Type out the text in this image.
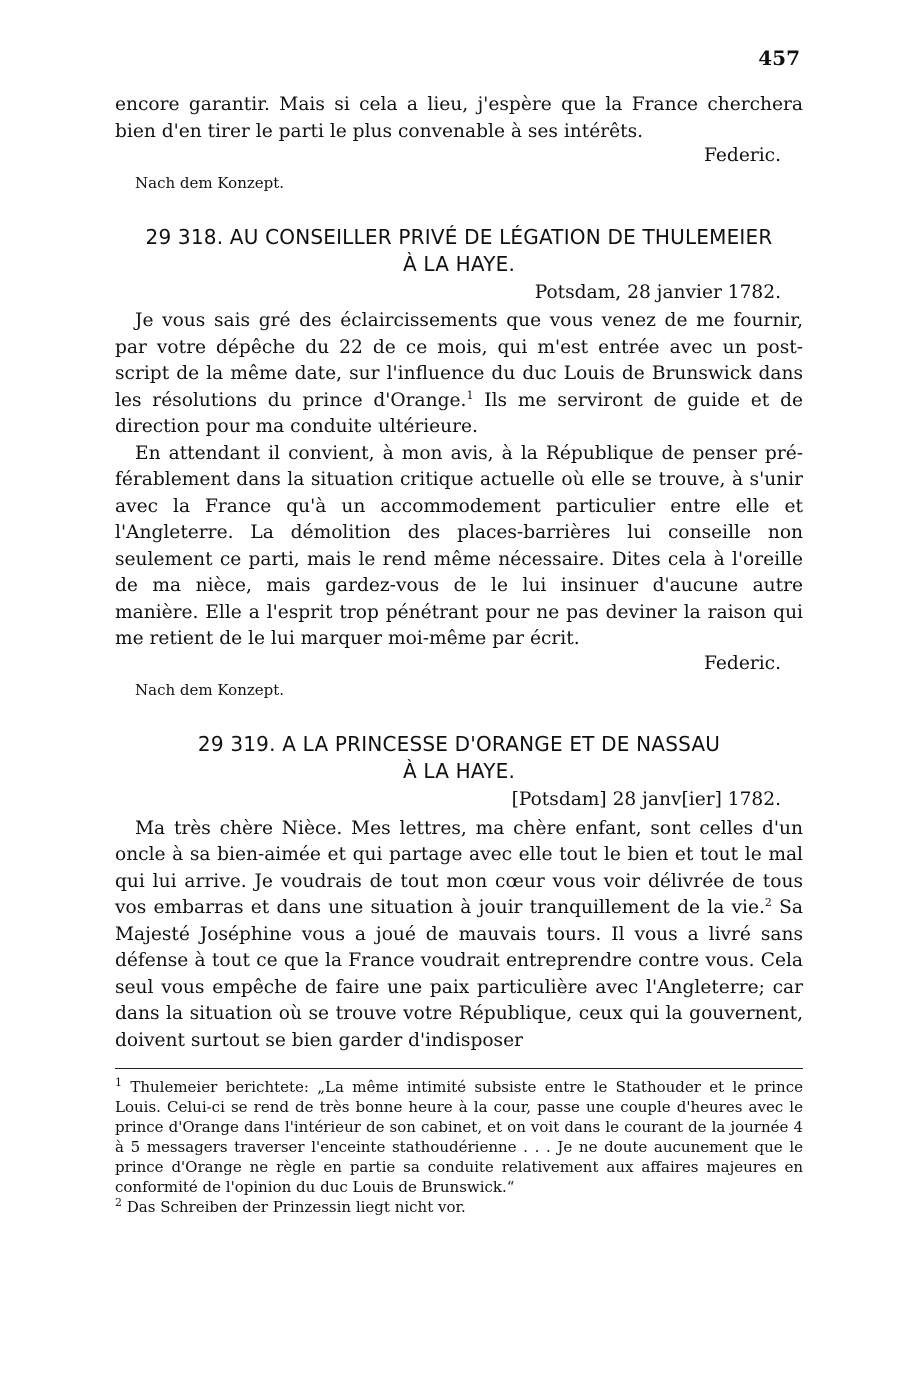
457

encore garantir. Mais si cela a lieu, j'espère que la France cherchera bien d'en tirer le parti le plus convenable à ses intérêts.

Federic.

Nach dem Konzept.

29 318. AU CONSEILLER PRIVÉ DE LÉGATION DE THULEMEIER
À LA HAYE.

Potsdam, 28 janvier 1782.

Je vous sais gré des éclaircissements que vous venez de me fournir, par votre dépêche du 22 de ce mois, qui m'est entrée avec un post-script de la même date, sur l'influence du duc Louis de Brunswick dans les résolutions du prince d'Orange.$^1$ Ils me serviront de guide et de direction pour ma conduite ultérieure.

En attendant il convient, à mon avis, à la République de penser pré-férablement dans la situation critique actuelle où elle se trouve, à s'unir avec la France qu'à un accommodement particulier entre elle et l'Angleterre. La démolition des places-barrières lui conseille non seulement ce parti, mais le rend même nécessaire. Dites cela à l'oreille de ma nièce, mais gardez-vous de le lui insinuer d'aucune autre manière. Elle a l'esprit trop pénétrant pour ne pas deviner la raison qui me retient de le lui marquer moi-même par écrit.

Federic.

Nach dem Konzept.

29 319. A LA PRINCESSE D'ORANGE ET DE NASSAU
À LA HAYE.

[Potsdam] 28 janv[ier] 1782.

Ma très chère Nièce. Mes lettres, ma chère enfant, sont celles d'un oncle à sa bien-aimée et qui partage avec elle tout le bien et tout le mal qui lui arrive. Je voudrais de tout mon cœur vous voir délivrée de tous vos embarras et dans une situation à jouir tranquillement de la vie.$^2$ Sa Majesté Joséphine vous a joué de mauvais tours. Il vous a livré sans défense à tout ce que la France voudrait entreprendre contre vous. Cela seul vous empêche de faire une paix particulière avec l'Angleterre; car dans la situation où se trouve votre République, ceux qui la gouvernent, doivent surtout se bien garder d'indisposer

$^1$ Thulemeier berichtete: „La même intimité subsiste entre le Stathouder et le prince Louis. Celui-ci se rend de très bonne heure à la cour, passe une couple d'heures avec le prince d'Orange dans l'intérieur de son cabinet, et on voit dans le courant de la journée 4 à 5 messagers traverser l'enceinte stathoudérienne . . . Je ne doute aucunement que le prince d'Orange ne règle en partie sa conduite relativement aux affaires majeures en conformité de l'opinion du duc Louis de Brunswick.“

$^2$ Das Schreiben der Prinzessin liegt nicht vor.
